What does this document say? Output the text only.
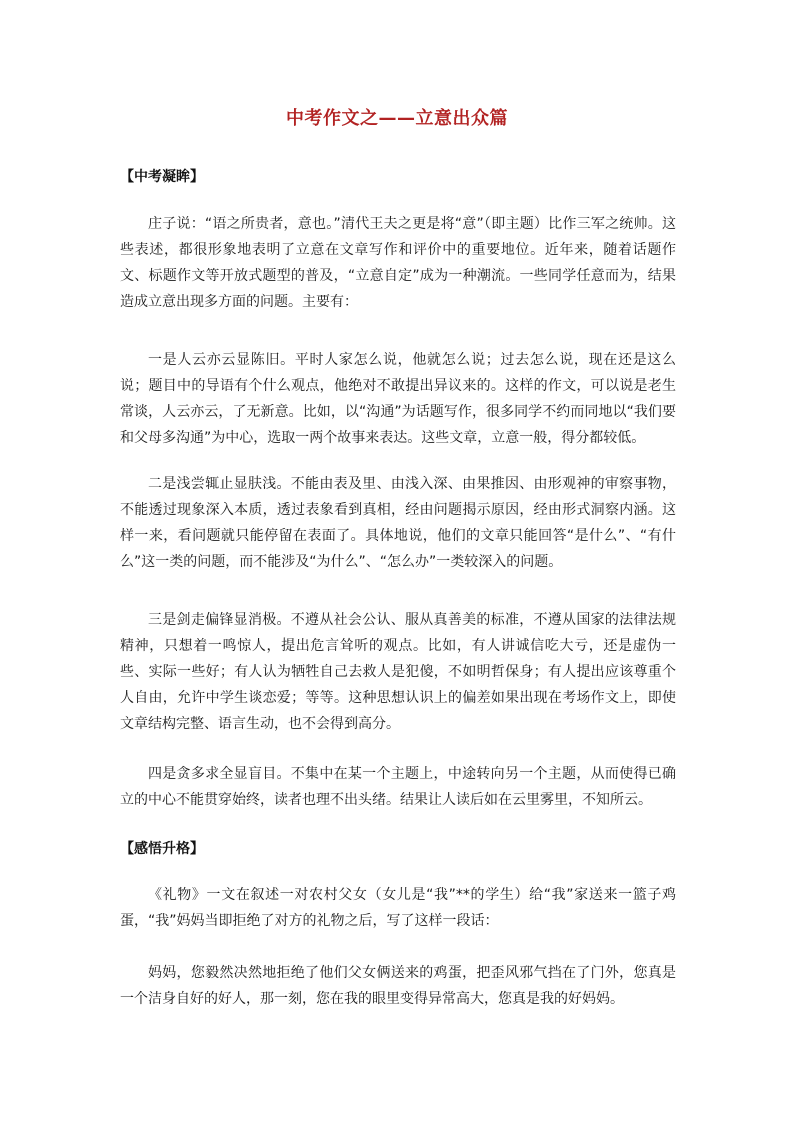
中考作文之——立意出众篇
【中考凝眸】

庄子说：“语之所贵者，意也。”清代王夫之更是将“意”（即主题）比作三军之统帅。这些表述，都很形象地表明了立意在文章写作和评价中的重要地位。近年来，随着话题作文、标题作文等开放式题型的普及，“立意自定”成为一种潮流。一些同学任意而为，结果造成立意出现多方面的问题。主要有：

一是人云亦云显陈旧。平时人家怎么说，他就怎么说；过去怎么说，现在还是这么说；题目中的导语有个什么观点，他绝对不敢提出异议来的。这样的作文，可以说是老生常谈，人云亦云，了无新意。比如，以“沟通”为话题写作，很多同学不约而同地以“我们要和父母多沟通”为中心，选取一两个故事来表达。这些文章，立意一般，得分都较低。

二是浅尝辄止显肤浅。不能由表及里、由浅入深、由果推因、由形观神的审察事物，不能透过现象深入本质，透过表象看到真相，经由问题揭示原因，经由形式洞察内涵。这样一来，看问题就只能停留在表面了。具体地说，他们的文章只能回答“是什么”、“有什么”这一类的问题，而不能涉及“为什么”、“怎么办”一类较深入的问题。

三是剑走偏锋显消极。不遵从社会公认、服从真善美的标准，不遵从国家的法律法规精神，只想着一鸣惊人，提出危言耸听的观点。比如，有人讲诚信吃大亏，还是虚伪一些、实际一些好；有人认为牺牲自己去救人是犯傻，不如明哲保身；有人提出应该尊重个人自由，允许中学生谈恋爱；等等。这种思想认识上的偏差如果出现在考场作文上，即使文章结构完整、语言生动，也不会得到高分。

四是贪多求全显盲目。不集中在某一个主题上，中途转向另一个主题，从而使得已确立的中心不能贯穿始终，读者也理不出头绪。结果让人读后如在云里雾里，不知所云。

【感悟升格】

《礼物》一文在叙述一对农村父女（女儿是“我”**的学生）给“我”家送来一篮子鸡蛋，“我”妈妈当即拒绝了对方的礼物之后，写了这样一段话：

妈妈，您毅然决然地拒绝了他们父女俩送来的鸡蛋，把歪风邪气挡在了门外，您真是一个洁身自好的好人，那一刻，您在我的眼里变得异常高大，您真是我的好妈妈。
